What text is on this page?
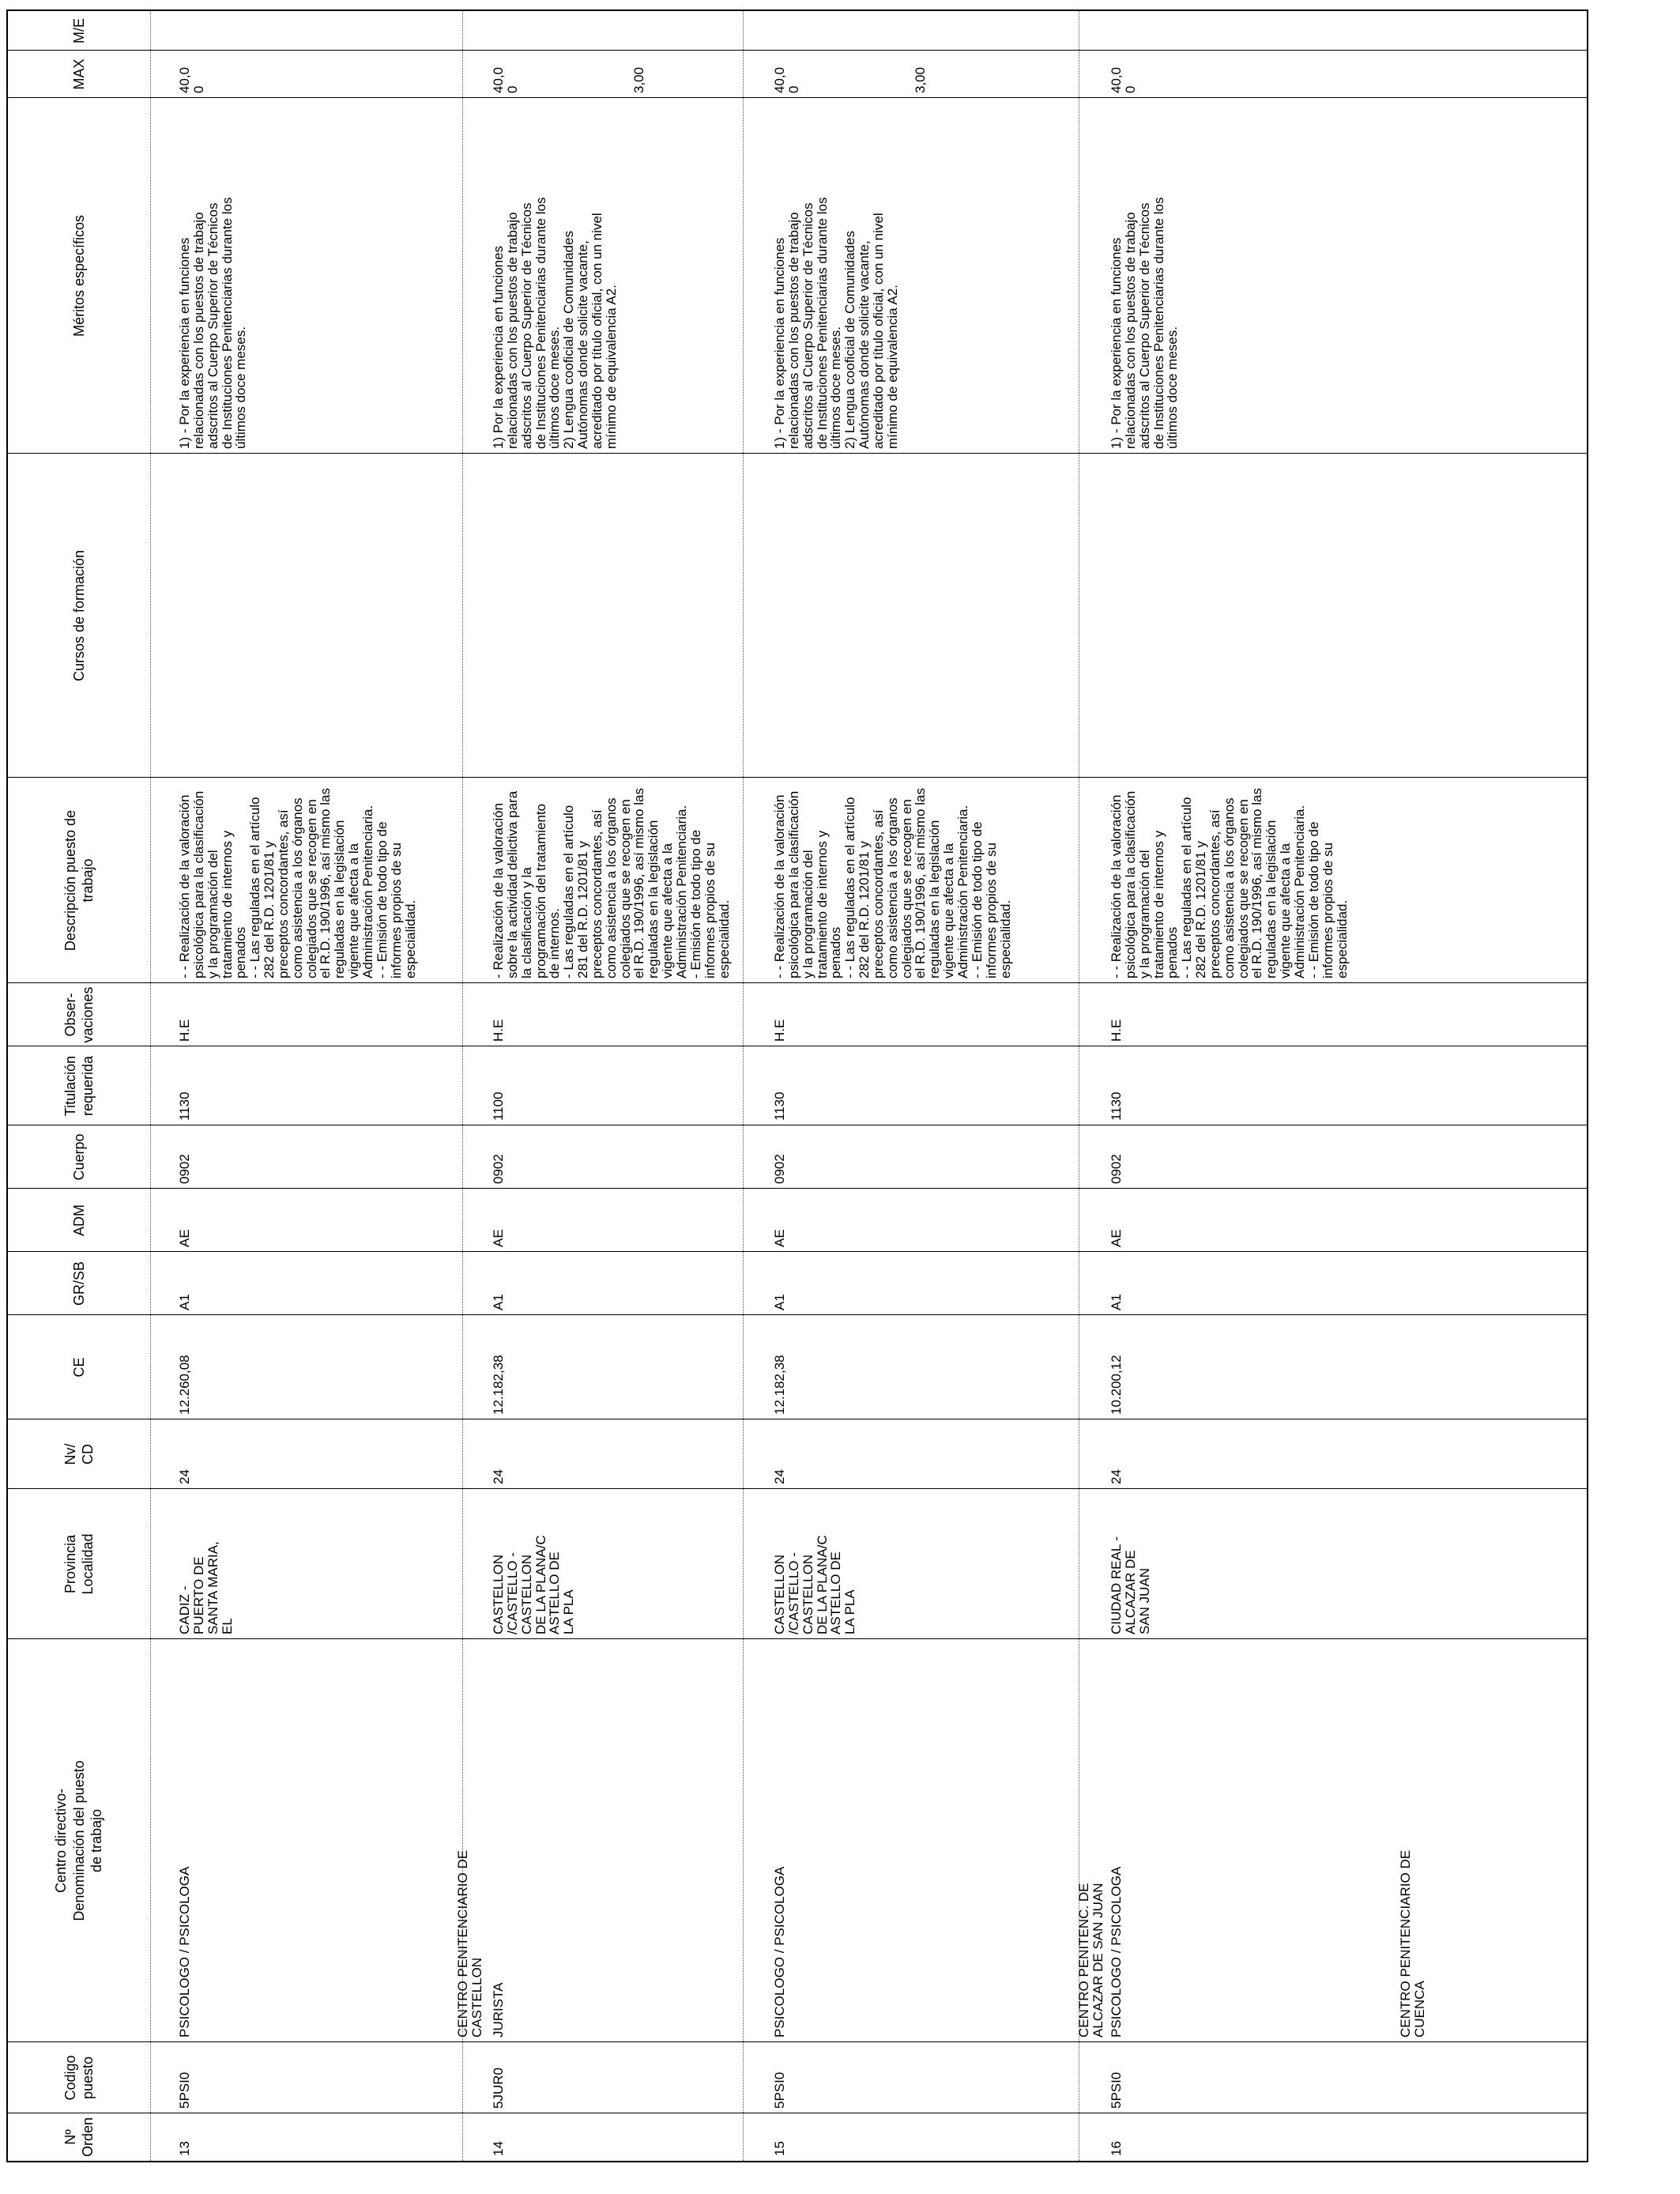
Nº
Orden
Codigo
puesto
Centro directivo-
Denominación del puesto
de trabajo
Provincia
Localidad
Nv/
CD
CE
GR/SB
ADM
Cuerpo
Titulación
requerida
Obser-
vaciones
Descripción puesto de
trabajo
Cursos de formación
Méritos específicos
MAX
M/E
13
5PSI0
PSICOLOGO / PSICOLOGA
CADIZ -
PUERTO DE
SANTA MARIA,
EL
24
12.260,08
A1
AE
0902
1130
H.E
- - Realización de la valoración
psicológica para la clasificación
y la programación del
tratamiento de internos y
penados
- - Las reguladas en el artículo
282 del R.D. 1201/81 y
preceptos concordantes, así
como asistencia a los órganos
colegiados que se recogen en
el R.D. 190/1996, así mismo las
reguladas en la legislación
vigente que afecta a la
Administración Penitenciaria.
- - Emisión de todo tipo de
informes propios de su
especialidad.
1) - Por la experiencia en funciones
relacionadas con los puestos de trabajo
adscritos al Cuerpo Superior de Técnicos
de Instituciones Penitenciarias durante los
últimos doce meses.
40,0
0
CENTRO PENITENCIARIO DE
CASTELLON
14
5JUR0
JURISTA
CASTELLON
/CASTELLO -
CASTELLON
DE LA PLANA/C
ASTELLO DE
LA PLA
24
12.182,38
A1
AE
0902
1100
H.E
- Realización de la valoración
sobre la actividad delictiva para
la clasificación y la
programación del tratamiento
de internos.
- Las reguladas en el artículo
281 del R.D. 1201/81 y
preceptos concordantes, así
como asistencia a los órganos
colegiados que se recogen en
el R.D. 190/1996, así mismo las
reguladas en la legislación
vigente que afecta a la
Administración Penitenciaria.
- Emisión de todo tipo de
informes propios de su
especialidad.
1) Por la experiencia en funciones
relacionadas con los puestos de trabajo
adscritos al Cuerpo Superior de Técnicos
de Instituciones Penitenciarias durante los
últimos doce meses.
2) Lengua cooficial de Comunidades
Autónomas donde solicite vacante,
acreditado por título oficial, con un nivel
mínimo de equivalencia A2.
40,0
0	3,00
15
5PSI0
PSICOLOGO / PSICOLOGA
CASTELLON
/CASTELLO -
CASTELLON
DE LA PLANA/C
ASTELLO DE
LA PLA
24
12.182,38
A1
AE
0902
1130
H.E
- - Realización de la valoración
psicológica para la clasificación
y la programación del
tratamiento de internos y
penados
- - Las reguladas en el artículo
282 del R.D. 1201/81 y
preceptos concordantes, así
como asistencia a los órganos
colegiados que se recogen en
el R.D. 190/1996, así mismo las
reguladas en la legislación
vigente que afecta a la
Administración Penitenciaria.
- - Emisión de todo tipo de
informes propios de su
especialidad.
1) - Por la experiencia en funciones
relacionadas con los puestos de trabajo
adscritos al Cuerpo Superior de Técnicos
de Instituciones Penitenciarias durante los
últimos doce meses.
2) Lengua cooficial de Comunidades
Autónomas donde solicite vacante,
acreditado por título oficial, con un nivel
mínimo de equivalencia A2.
40,0
0	3,00
CENTRO PENITENC. DE
ALCAZAR DE SAN JUAN
16
5PSI0
PSICOLOGO / PSICOLOGA
CIUDAD REAL -
ALCAZAR DE
SAN JUAN
24
10.200,12
A1
AE
0902
1130
H.E
- - Realización de la valoración
psicológica para la clasificación
y la programación del
tratamiento de internos y
penados
- - Las reguladas en el artículo
282 del R.D. 1201/81 y
preceptos concordantes, así
como asistencia a los órganos
colegiados que se recogen en
el R.D. 190/1996, así mismo las
reguladas en la legislación
vigente que afecta a la
Administración Penitenciaria.
- - Emisión de todo tipo de
informes propios de su
especialidad.
1) - Por la experiencia en funciones
relacionadas con los puestos de trabajo
adscritos al Cuerpo Superior de Técnicos
de Instituciones Penitenciarias durante los
últimos doce meses.
40,0
0
CENTRO PENITENCIARIO DE
CUENCA
